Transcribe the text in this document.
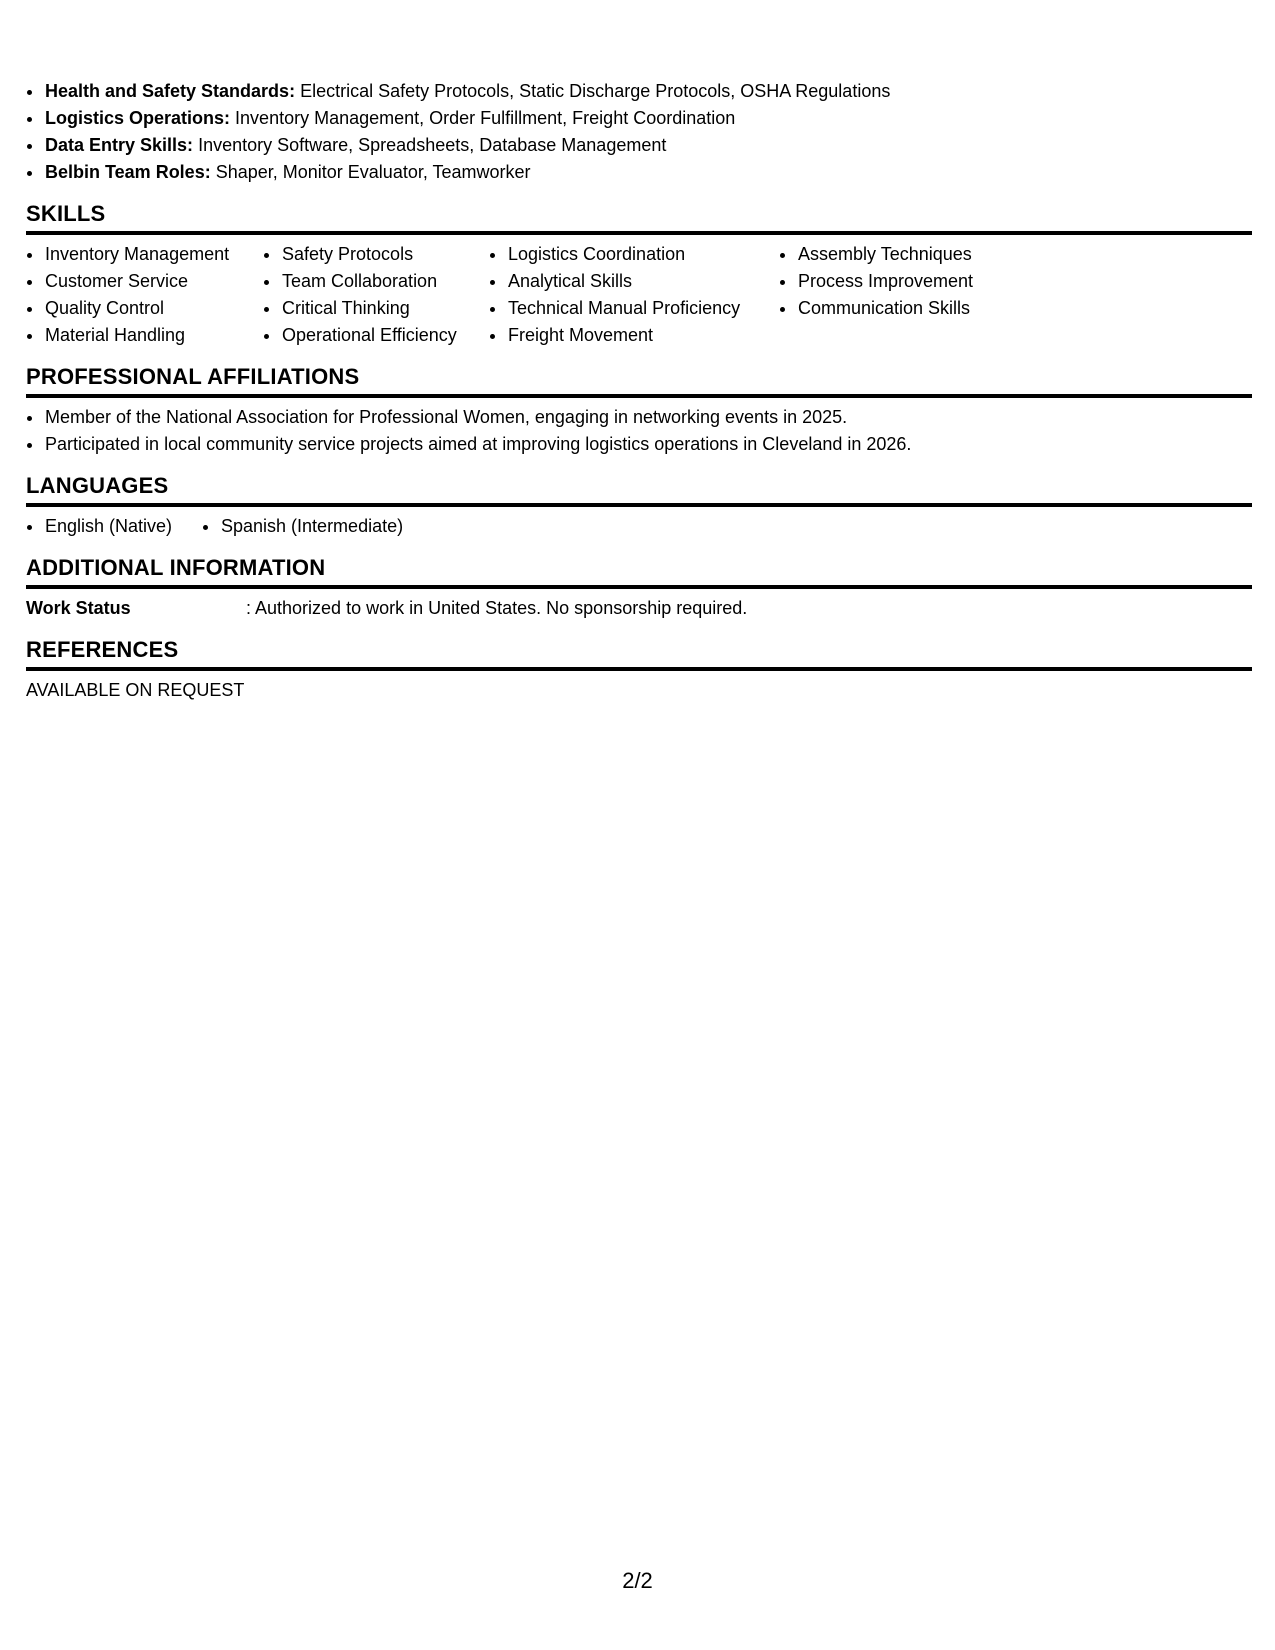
• Health and Safety Standards: Electrical Safety Protocols, Static Discharge Protocols, OSHA Regulations
• Logistics Operations: Inventory Management, Order Fulfillment, Freight Coordination
• Data Entry Skills: Inventory Software, Spreadsheets, Database Management
• Belbin Team Roles: Shaper, Monitor Evaluator, Teamworker
SKILLS
• Inventory Management
• Customer Service
• Quality Control
• Material Handling
• Safety Protocols
• Team Collaboration
• Critical Thinking
• Operational Efficiency
• Logistics Coordination
• Analytical Skills
• Technical Manual Proficiency
• Freight Movement
• Assembly Techniques
• Process Improvement
• Communication Skills
PROFESSIONAL AFFILIATIONS
• Member of the National Association for Professional Women, engaging in networking events in 2025.
• Participated in local community service projects aimed at improving logistics operations in Cleveland in 2026.
LANGUAGES
• English (Native)
•	Spanish (Intermediate)
ADDITIONAL INFORMATION
Work Status	: Authorized to work in United States. No sponsorship required.
REFERENCES
AVAILABLE ON REQUEST
2/2
